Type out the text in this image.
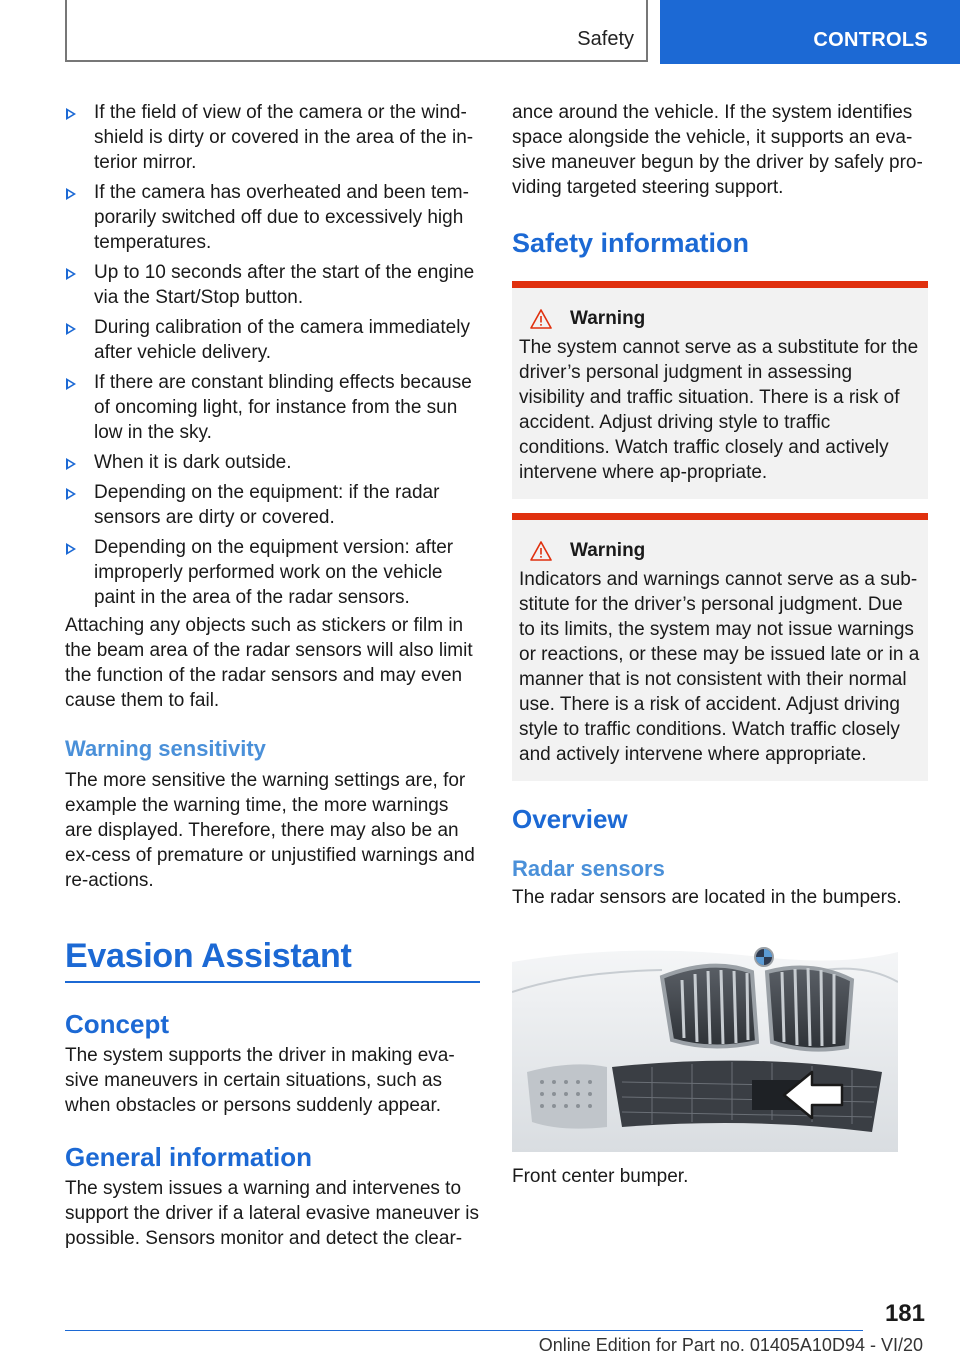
Safety	CONTROLS
If the field of view of the camera or the wind-shield is dirty or covered in the area of the in-terior mirror.
If the camera has overheated and been tem-porarily switched off due to excessively high temperatures.
Up to 10 seconds after the start of the engine via the Start/Stop button.
During calibration of the camera immediately after vehicle delivery.
If there are constant blinding effects because of oncoming light, for instance from the sun low in the sky.
When it is dark outside.
Depending on the equipment: if the radar sensors are dirty or covered.
Depending on the equipment version: after improperly performed work on the vehicle paint in the area of the radar sensors.

Attaching any objects such as stickers or film in the beam area of the radar sensors will also limit the function of the radar sensors and may even cause them to fail.

Warning sensitivity

The more sensitive the warning settings are, for example the warning time, the more warnings are displayed. Therefore, there may also be an ex-cess of premature or unjustified warnings and re-actions.

Evasion Assistant
Concept

The system supports the driver in making eva-sive maneuvers in certain situations, such as when obstacles or persons suddenly appear.

General information

The system issues a warning and intervenes to support the driver if a lateral evasive maneuver is possible. Sensors monitor and detect the clear-

ance around the vehicle. If the system identifies space alongside the vehicle, it supports an eva-sive maneuver begun by the driver by safely pro-viding targeted steering support.

Safety information
Warning

The system cannot serve as a substitute for the driver’s personal judgment in assessing visibility and traffic situation. There is a risk of accident. Adjust driving style to traffic conditions. Watch traffic closely and actively intervene where ap-propriate.

Warning

Indicators and warnings cannot serve as a sub-stitute for the driver’s personal judgment. Due to its limits, the system may not issue warnings or reactions, or these may be issued late or in a manner that is not consistent with their normal use. There is a risk of accident. Adjust driving style to traffic conditions. Watch traffic closely and actively intervene where appropriate.

Overview
Radar sensors

The radar sensors are located in the bumpers.

Front center bumper.

181
Online Edition for Part no. 01405A10D94 - VI/20
